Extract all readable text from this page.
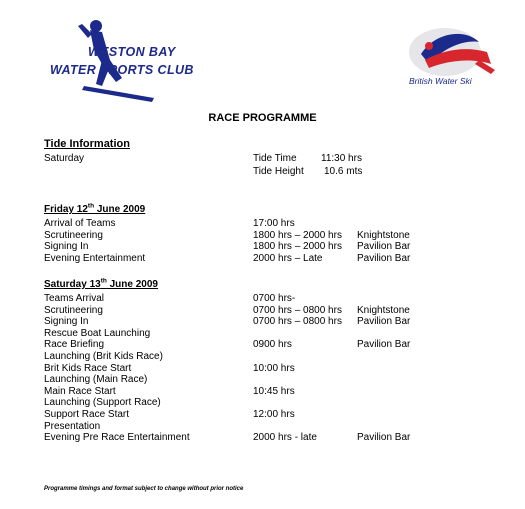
WESTON BAY
WATER SPORTS CLUB
British Water Ski
RACE PROGRAMME
Tide Information
Saturday	Tide Time 11:30 hrs
Tide Height 10.6 mts
Friday 12th June 2009
Arrival of Teams	17:00 hrs
Scrutineering	1800 hrs – 2000 hrs Knightstone
Signing In	1800 hrs – 2000 hrs Pavilion Bar
Evening Entertainment	2000 hrs – Late	Pavilion Bar
Saturday 13th June 2009
Teams Arrival	0700 hrs-
Scrutineering	0700 hrs – 0800 hrs Knightstone
Signing In	0700 hrs – 0800 hrs Pavilion Bar
Rescue Boat Launching
Race Briefing	0900 hrs	Pavilion Bar
Launching (Brit Kids Race)
Brit Kids Race Start	10:00 hrs
Launching (Main Race)
Main Race Start	10:45 hrs
Launching (Support Race)
Support Race Start	12:00 hrs
Presentation
Evening Pre Race Entertainment	2000 hrs - late	Pavilion Bar
Programme timings and format subject to change without prior notice
